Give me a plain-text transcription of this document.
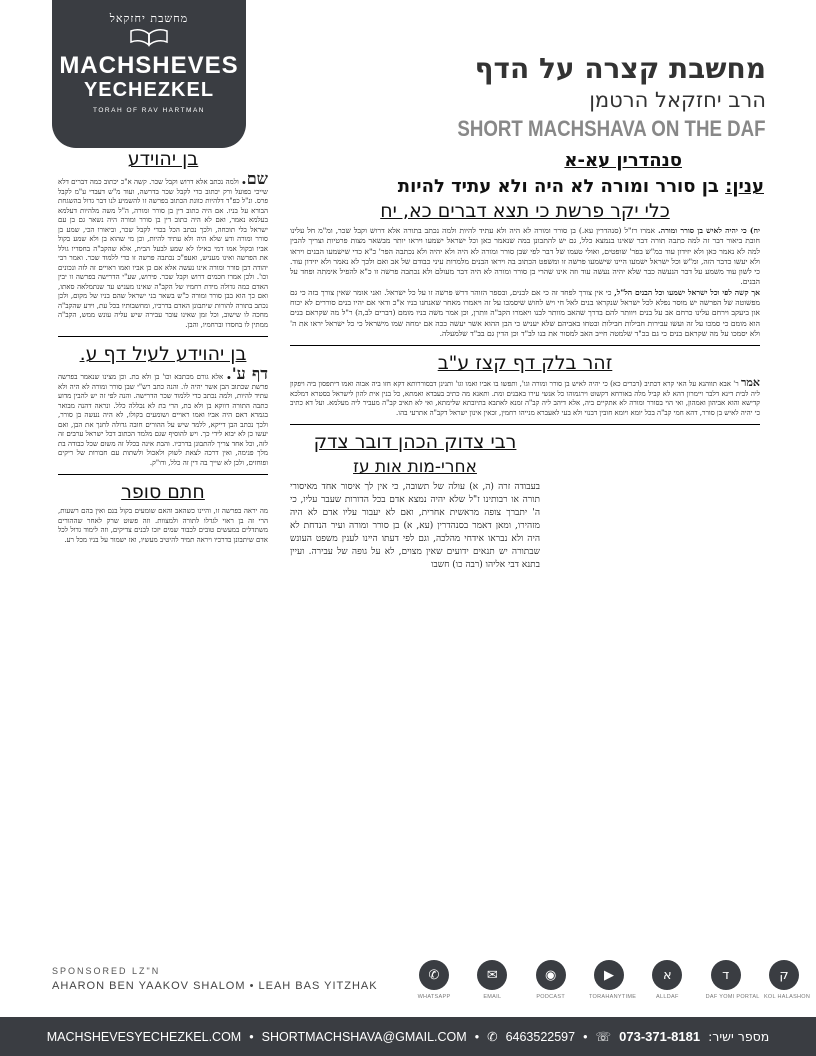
מחשבת יחזקאל
MACHSHEVES
YECHEZKEL
TORAH OF RAV HARTMAN
מחשבת קצרה על הדף
הרב יחזקאל הרטמן
SHORT MACHSHAVA ON THE DAF
סנהדרין עא-א
ענין: בן סורר ומורה לא היה ולא עתיד להיות
בן יהוידע

שם. ולמה נכתב אלא דרוש וקבל שכר. קשה א"כ יכתוב כמה דברים דלא שייכי בפועל ורק יכתוב כדי לקבל שכר בדרשה, ועוד מ"ש דעבדי ע"מ לקבל פרס. ונ"ל כפ"ד דלהיות כוונת הכתוב בפרשה זו להשמיע לנו דבר גדול בהשגחת הבורא על בניו. אם היה כתוב דין בן סורר ומורה, ה"ל משה מלהיות דעלמא בעלמא נאמר, ואם לא היה כתוב דין בן סורר ומורה היה נשאר גם בן עם ישראל בלי תוכחה, ולכך נכתב הכל בכדי לקבל שכר, וביאורו הכי, שמע בן סורר ומורה ודע שלא היה ולא עתיד להיות, וכן מי שהוא בן ולא שמע בקול אביו ובקול אמו דמי כאילו לא שמע לבעל הבית, אלא שהקב"ה בחסדיו גולל את הפרשה ואינו מעניש, ואעפ"כ נכתבה פרשה זו כדי ללמוד שכר. ואמר רבי יהודה דבן סורר ומורה אינו נעשה אלא אם כן אביו ואמו ראויים זה לזה ונכונים וכו'. ולכן אמרו חכמים דרוש וקבל שכר. פירוש, שע"י הדרישה בפרשה זו יבין האדם כמה גדולה מידת רחמיו של הקב"ה שאינו מעניש עד שנתמלאה סאתו, ואם כך הוא בבן סורר ומורה כ"ש בשאר בני ישראל שהם בניו של מקום, ולכן נכתב בתורה להורות שיתבונן האדם בדרכיו, ומחשבותיו בכל עת, וידע שהקב"ה מחכה לו שישוב, וכל זמן שאינו עובר עבירה שיש עליה עונש ממש, הקב"ה ממתין לו בחסדו וברחמיו, והבן.

בן יהוידע לעיל דף ע.

דף ע'. אלא גורם מכתבא וכו' בן ולא בת. וכן מצינו שנאמר בפרשה פרשת שכתוב הבן אשר יהיה לו. והנה כתב רש"י שבן סורר ומורה לא היה ולא עתיד להיות, ולמה נכתב כדי ללמוד שכר הדרישה. והנה לפי זה יש להבין מדוע כתבה התורה דווקא בן ולא בת, הרי בת לא נכללה כלל. ונראה דהנה מבואר בגמרא דאם היה אביו ואמו ראויים ושומעים בקולו, לא היה נעשה בן סורר, ולכך נכתב הבן דייקא, ללמד שיש על ההורים חובה גדולה לחנך את הבן, ואם יעשו כן לא יבוא לידי כך. ויש להוסיף שגם מלמד הכתוב דכל ישראל ערבים זה לזה, וכל אחד צריך להתבונן בדרכיו. והבת אינה בכלל זה משום שכל כבודה בת מלך פנימה, ואין דרכה לצאת לשוק ולאכול ולשתות עם חבורות של ריקים ופוחזים, ולכן לא שייך בה דין זה כלל, ודו"ק.

חתם סופר

מה יראה בפרשה זו, והיינו כשהאב והאם שומעים בקול בנם ואין בהם רשעות, הרי זה בן ראוי לגדלו לתורה ולמצוות. וזה פשוט שרק לאחר שההורים משתדלים במעשים טובים לכבוד שמים יזכו לבנים צדיקים, וזה לימוד גדול לכל אדם שיתבונן בדרכיו ויראה תמיד להיטיב מעשיו, ואז ישמור על בניו מכל רע.

כלי יקר פרשת כי תצא דברים כא, יח

יח) כי יהיה לאיש בן סורר ומורה. אמרו רז"ל (סנהדרין עא.) בן סורר ומורה לא היה ולא עתיד להיות ולמה נכתב בתורה אלא דרוש וקבל שכר, ומ"מ חל עלינו חובת ביאור דבר זה למה כתבה תורה דבר שאינו בנמצא כלל, גם יש להתבונן במה שנאמר כאן וכל ישראל ישמעו ויראו יותר מבשאר מצות פרטיות וצריך להבין למה לא נאמר כאן ולא יזידון עוד כמ"ש בפר' שופטים, ואולי טעמו של דבר לפי שבן סורר ומורה לא היה ולא יהיה ולא נכתבה הפר' כ"א כדי שישמעו הבנים ויראו ולא יעשו כדבר הזה, ומ"ש וכל ישראל ישמעו היינו שישמעו פרשה זו ומשפט הכתוב בה ויראו הבנים מלמרות עיני כבודם של אב ואם ולכך לא נאמר ולא יזידון עוד. כי לשון עוד משמע על דבר הנעשה כבר שלא יהיה נעשה עוד וזה אינו שהרי בן סורר ומורה לא היה דבר מעולם ולא נכתבה פרשה זו כ"א להפיל אימתה ופחד על הבנים.

אך קשה לפי וכל ישראל ישמעו וכל הבנים הל"ל, כי אין צורך לפחד זה כי אם לבנים, ובספר הזוהר דרש פרשה זו על כל ישראל. ואני אומר שאין צורך בזה כי גם מפשוטה של הפרשה יש מוסר נפלא לכל ישראל שנקראו בנים לאל חי ויש לחוש שיסמכו על זה ויאמרו מאחר שאנחנו בניו א"כ ודאי אם יהיו בנים סוררים לא יכוח און ביעקב וירחם עלינו כרחם אב על בנים ויוותר להם בדרך שהאב מוותר לבנו ויאמרו הקב"ה וותרן, וכן אמר משה בניו מומם (דברים לב,ה) ר"ל מה שקראם בנים הוא מומם כי סמכו על זה ועשו עבירות חבילות חבילות ובטחו באביהם שלא יעניש כי הבן ההוא אשר יעשה ככה אם ימחה שמו מישראל כי כל ישראל יראו את ה' ולא יסמכו על מה שקראם בנים כי גם בכ"ד שלמטה חייב האב למסור את בנו לב"ד וכן הדין גם בב"ד שלמעלה.

זהר בלק דף קצז ע"ב

אמר ר' אבא תווהנא על האי קרא דכתיב (דברים כא) כי יהיה לאיש בן סורר ומורה וגו', ותפשו בו אביו ואמו וגו' ותנינן דבסוררותא דקא חזו ביה אבוה ואמו דיתפסון ביה ויפקון ליה לבית דינא דלבר ויימרון דהא לא קביל מלה באורחא דקשוט וירגמוהו כל אנשי עירו באבנים ומת. ותאנא מה כתיב בעבדא ואמתא, כל בנין אית להון לישראל בסטרא דמלכא קדישא והוא אביהון ואמהון, ואי הוי בסורר ומורה לא אתקיים ביה, אלא דיהב ליה קב"ה זמנא לאתבא בתיובתא שלימתא, ואי לא תאיב קב"ה מעביר ליה מעלמא. ועל דא כתיב כי יהיה לאיש בן סורר, דהא חמי קב"ה בכל יומא ויומא חובין דבנוי ולא בעי לאעברא מנייהו רחמין, זכאין אינון ישראל דקב"ה אתרעי בהו.

רבי צדוק הכהן דובר צדק
אחרי-מות אות עז

בעבודה זרה (ה, א) עולה של תשובה, כי אין לך איסור אחד מאיסורי תורה או רבותינו ז"ל שלא יהיה נמצא אדם בכל הדורות שעבר עליו, כי ה' יתברך צופה מראשית אחרית, ואם לא יעבור עליו אדם לא היה מזהירו, ומאן דאמר בסנהדרין (עא, א) בן סורר ומורה ועיר הנדחת לא היה ולא נבראו אידחי מהלכה, וגם לפי דעתו היינו לענין משפט העונש שבתורה יש תנאים ידועים שאין מצוים, לא על גופה של עבירה. ועיין בתנא דבי אליהו (רבה כו) חשבו

SPONSORED LZ"N
AHARON BEN YAAKOV SHALOM • LEAH BAS YITZHAK
✆
WHATSAPP
✉
EMAIL
◉
PODCAST
▶
TORAHANYTIME
א
ALLDAF
ד
DAF YOMI PORTAL
ק
KOL HALASHON
MACHSHEVESYECHEZKEL.COM • SHORTMACHSHAVA@GMAIL.COM • ✆ 6463522597 • ☏ 073-371-8181 מספר ישיר:
